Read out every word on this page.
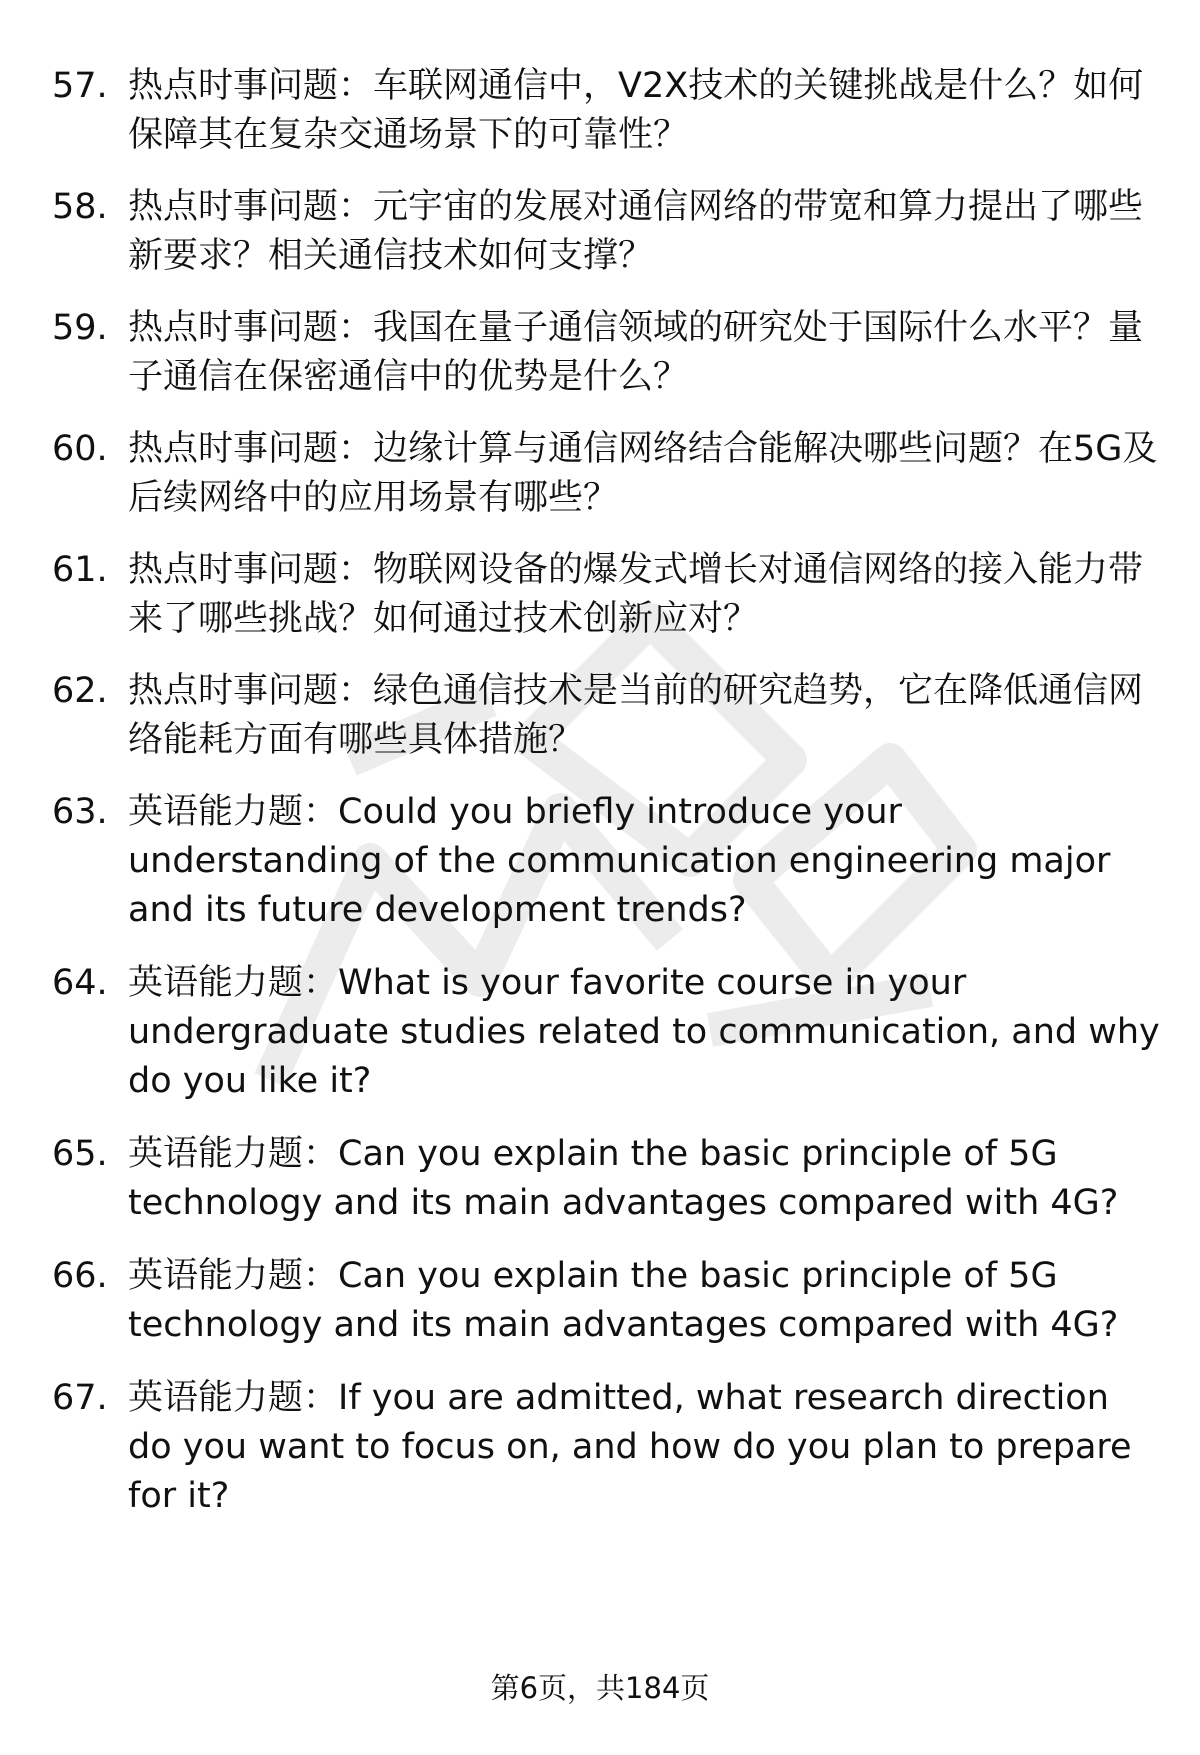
57. 热点时事问题：车联网通信中，V2X技术的关键挑战是什么？如何保障其在复杂交通场景下的可靠性？
58. 热点时事问题：元宇宙的发展对通信网络的带宽和算力提出了哪些新要求？相关通信技术如何支撑？
59. 热点时事问题：我国在量子通信领域的研究处于国际什么水平？量子通信在保密通信中的优势是什么？
60. 热点时事问题：边缘计算与通信网络结合能解决哪些问题？在5G及后续网络中的应用场景有哪些？
61. 热点时事问题：物联网设备的爆发式增长对通信网络的接入能力带来了哪些挑战？如何通过技术创新应对？
62. 热点时事问题：绿色通信技术是当前的研究趋势，它在降低通信网络能耗方面有哪些具体措施？
63. 英语能力题：Could you briefly introduce your understanding of the communication engineering major and its future development trends?
64. 英语能力题：What is your favorite course in your undergraduate studies related to communication, and why do you like it?
65. 英语能力题：Can you explain the basic principle of 5G technology and its main advantages compared with 4G?
66. 英语能力题：Can you explain the basic principle of 5G technology and its main advantages compared with 4G?
67. 英语能力题：If you are admitted, what research direction do you want to focus on, and how do you plan to prepare for it?
第6页，共184页
